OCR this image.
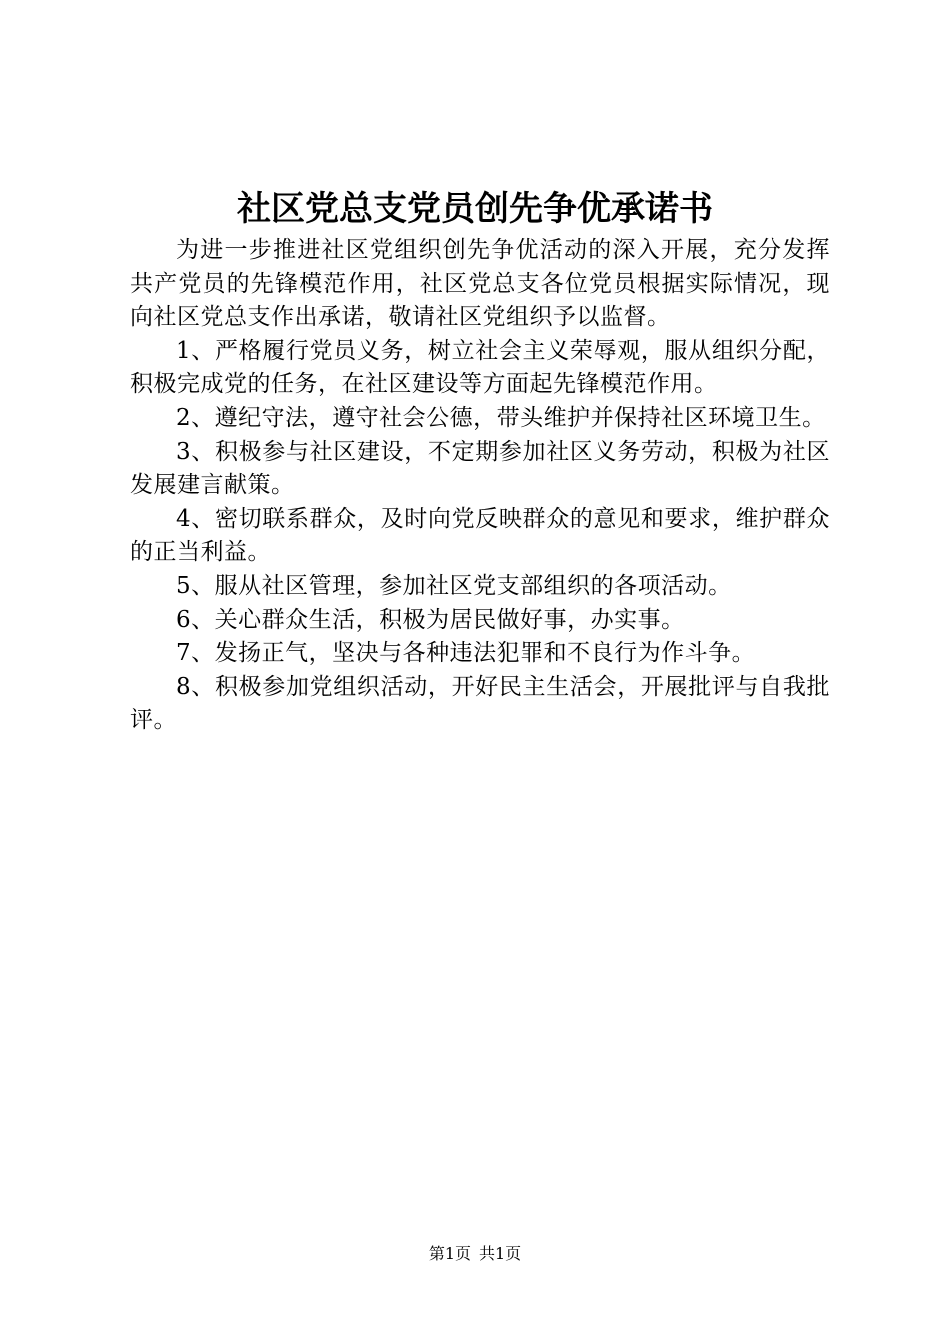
社区党总支党员创先争优承诺书

为进一步推进社区党组织创先争优活动的深入开展，充分发挥共产党员的先锋模范作用，社区党总支各位党员根据实际情况，现向社区党总支作出承诺，敬请社区党组织予以监督。

1、严格履行党员义务，树立社会主义荣辱观，服从组织分配，积极完成党的任务，在社区建设等方面起先锋模范作用。

2、遵纪守法，遵守社会公德，带头维护并保持社区环境卫生。

3、积极参与社区建设，不定期参加社区义务劳动，积极为社区发展建言献策。

4、密切联系群众，及时向党反映群众的意见和要求，维护群众的正当利益。

5、服从社区管理，参加社区党支部组织的各项活动。

6、关心群众生活，积极为居民做好事，办实事。

7、发扬正气，坚决与各种违法犯罪和不良行为作斗争。

8、积极参加党组织活动，开好民主生活会，开展批评与自我批评。

第1页 共1页
